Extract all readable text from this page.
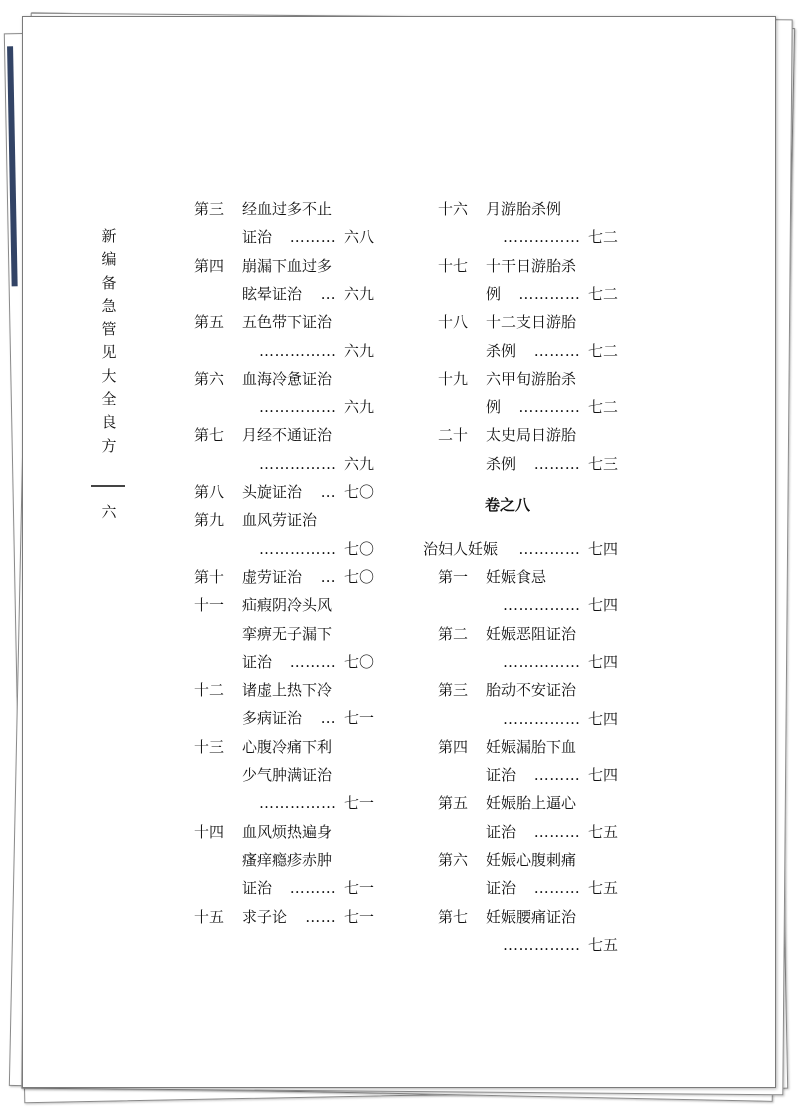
新
编
备
急
管
见
大
全
良
方
六
第三 经血过多不止
证治 ……… 六八
第四 崩漏下血过多
眩晕证治 … 六九
第五 五色带下证治
…………… 六九
第六 血海冷惫证治
…………… 六九
第七 月经不通证治
…………… 六九
第八 头旋证治 … 七〇
第九 血风劳证治
…………… 七〇
第十 虚劳证治 … 七〇
十一 疝瘕阴冷头风
挛痹无子漏下
证治 ……… 七〇
十二 诸虚上热下冷
多病证治 … 七一
十三 心腹冷痛下利
少气肿满证治
…………… 七一
十四 血风烦热遍身
瘙痒瘾疹赤肿
证治 ……… 七一
十五 求子论 …… 七一
十六 月游胎杀例
…………… 七二
十七 十干日游胎杀
例 ………… 七二
十八 十二支日游胎
杀例 ……… 七二
十九 六甲旬游胎杀
例 ………… 七二
二十 太史局日游胎
杀例 ……… 七三
卷之八
治妇人妊娠 ………… 七四
第一 妊娠食忌
…………… 七四
第二 妊娠恶阻证治
…………… 七四
第三 胎动不安证治
…………… 七四
第四 妊娠漏胎下血
证治 ……… 七四
第五 妊娠胎上逼心
证治 ……… 七五
第六 妊娠心腹刺痛
证治 ……… 七五
第七 妊娠腰痛证治
…………… 七五
